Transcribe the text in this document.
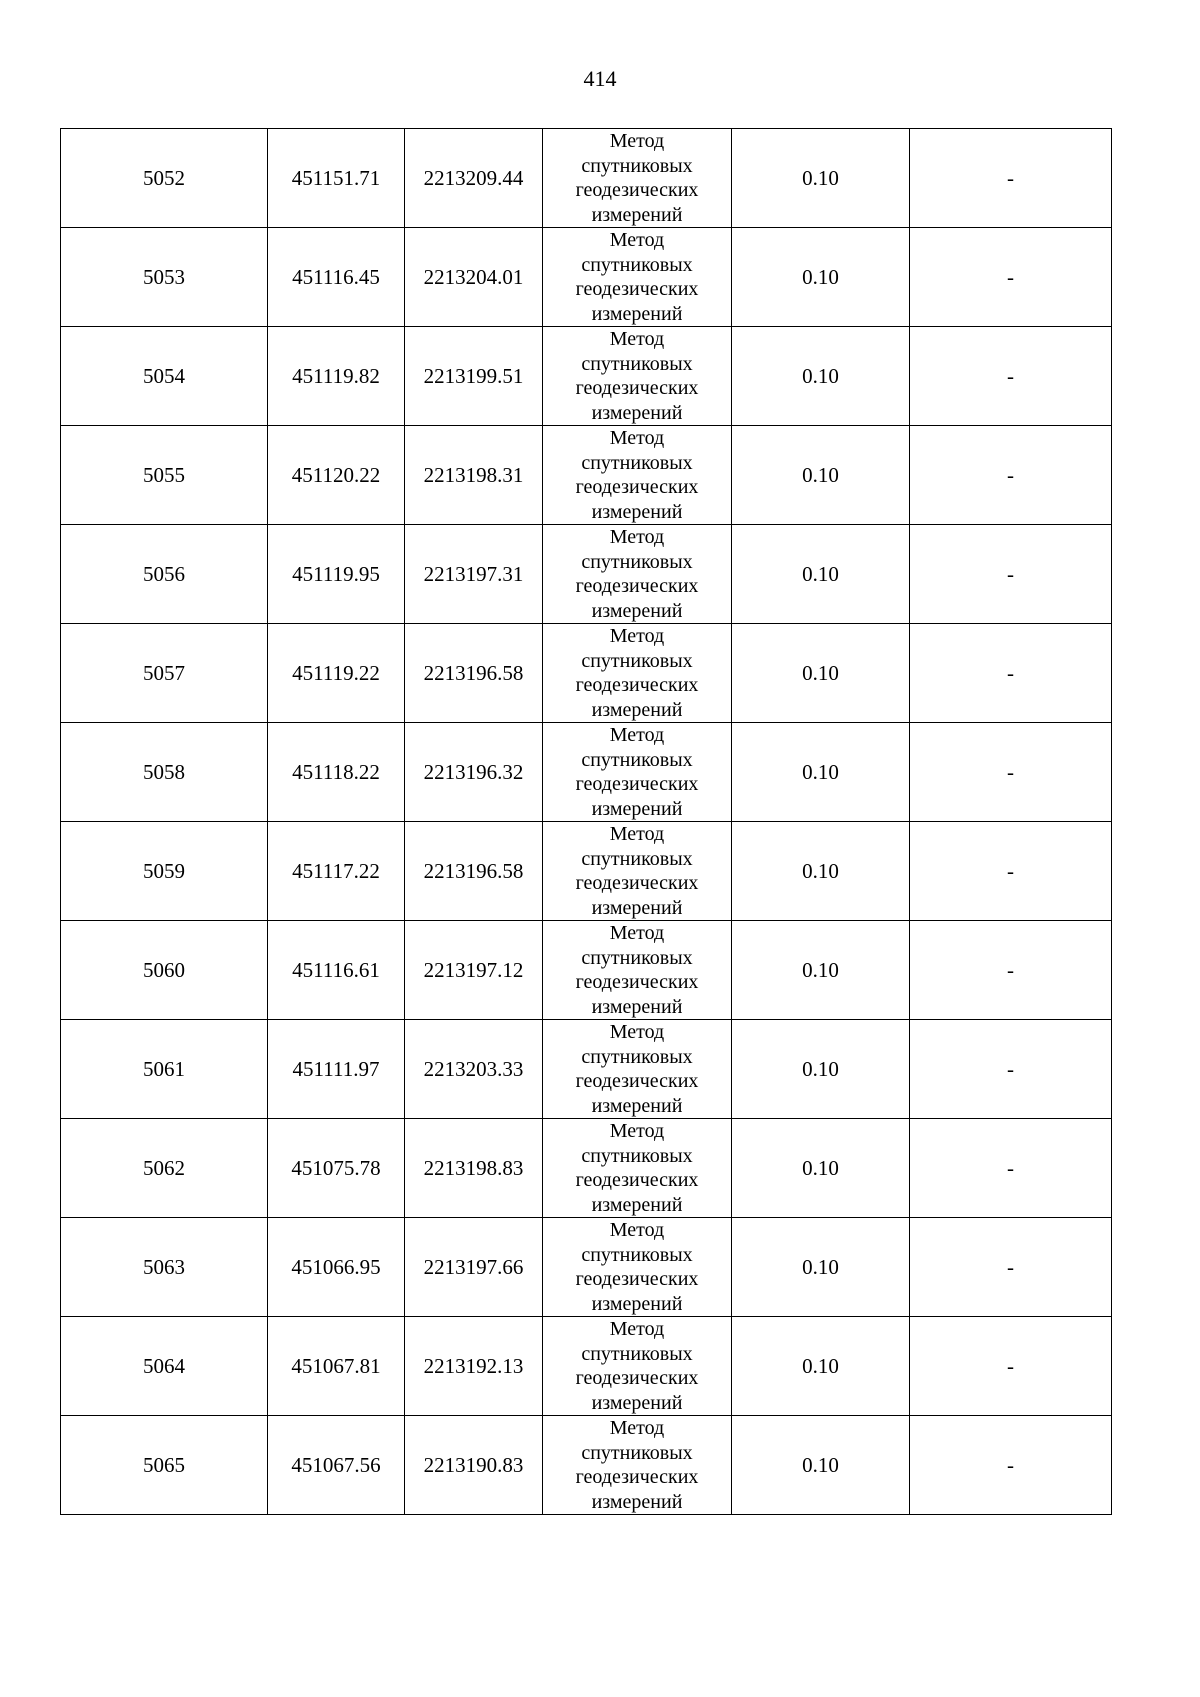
414
5052	451151.71	2213209.44	Метод
спутниковых
геодезических
измерений	0.10	-
5053	451116.45	2213204.01	Метод
спутниковых
геодезических
измерений	0.10	-
5054	451119.82	2213199.51	Метод
спутниковых
геодезических
измерений	0.10	-
5055	451120.22	2213198.31	Метод
спутниковых
геодезических
измерений	0.10	-
5056	451119.95	2213197.31	Метод
спутниковых
геодезических
измерений	0.10	-
5057	451119.22	2213196.58	Метод
спутниковых
геодезических
измерений	0.10	-
5058	451118.22	2213196.32	Метод
спутниковых
геодезических
измерений	0.10	-
5059	451117.22	2213196.58	Метод
спутниковых
геодезических
измерений	0.10	-
5060	451116.61	2213197.12	Метод
спутниковых
геодезических
измерений	0.10	-
5061	451111.97	2213203.33	Метод
спутниковых
геодезических
измерений	0.10	-
5062	451075.78	2213198.83	Метод
спутниковых
геодезических
измерений	0.10	-
5063	451066.95	2213197.66	Метод
спутниковых
геодезических
измерений	0.10	-
5064	451067.81	2213192.13	Метод
спутниковых
геодезических
измерений	0.10	-
5065	451067.56	2213190.83	Метод
спутниковых
геодезических
измерений	0.10	-
